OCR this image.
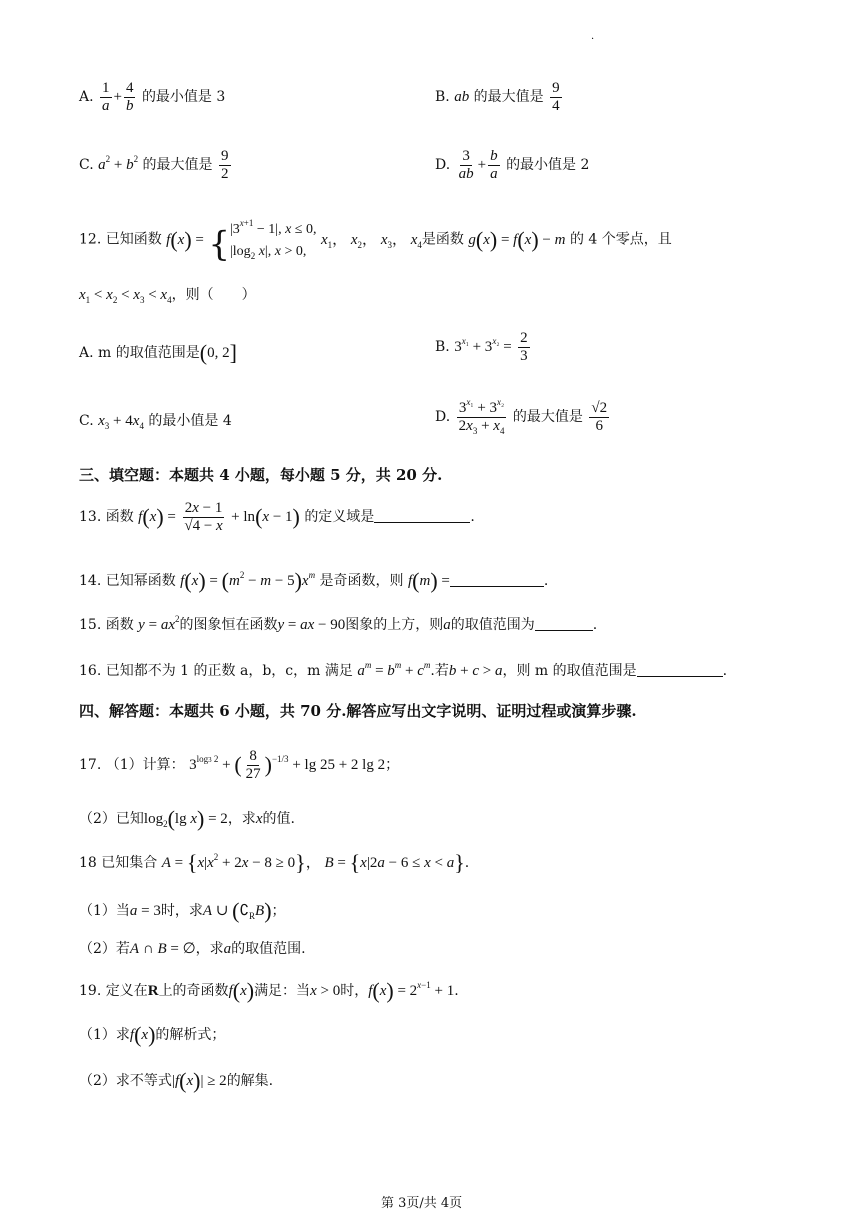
·
A. $\frac{1}{a} + \frac{4}{b}$ 的最小值是 3	B. ab 的最大值是 $\frac{9}{4}$
C. $a^2 + b^2$ 的最大值是 $\frac{9}{2}$	D. $\frac{3}{ab} + \frac{b}{a}$ 的最小值是 2
12. 已知函数 f(x) = { $|3^{x+1} - 1|$, x ≤ 0,
$|\log_2$ x|, x > 0,
$x_1$， $x_2$， $x_3$， $x_4$是函数 g(x) = f(x) − m 的 4 个零点，且
$x_1 < x_2 < x_3 < x_4$，则（　　）
A. m 的取值范围是(0, 2]	B. $3^{x_1} + 3^{x_2} = \frac{2}{3}$
C. $x_3 + 4x_4$ 的最小值是 4	D. $\frac{3^{x_1} + 3^{x_2}}{2x_3 + x_4}$ 的最大值是 $\frac{√2}{6}$
三、填空题：本题共 4 小题，每小题 5 分，共 20 分.
13. 函数 $f(x) = \frac{2x - 1}{√4 - x} + \ln(x - 1)$ 的定义域是	.
14. 已知幂函数 $f(x) = (m^2 - m - 5)x^m$ 是奇函数，则 f(m) =	.
15. 函数 $y = ax^2$的图象恒在函数y = ax − 90图象的上方，则a的取值范围为	.
16. 已知都不为 1 的正数 a，b，c，m 满足 $a^m = b^m + c^m$.若b + c > a，则 m 的取值范围是	.
四、解答题：本题共 6 小题，共 70 分.解答应写出文字说明、证明过程或演算步骤.
17. （1）计算： $3^{log3 2}$ + ( $\frac{8}{27} )^{-1/3} + \lg 25 + 2$ lg 2；
（2）已知$\log_2(\lg$ x) = 2，求x的值.
18 已知集合 $A = \{x|x^2 + 2x - 8 \ge 0\}$， B = {x|2a − 6 ≤ x < a}.
（1）当a = 3时，求A ∪ $(∁_RB)$；
（2）若A ∩ B = ∅，求a的取值范围.
19. 定义在R上的奇函数f(x)满足：当x > 0时，$f(x) = 2^{x-1} + 1$.
（1）求f(x)的解析式；
（2）求不等式|f(x)| ≥ 2的解集.
第 3页/共 4页
